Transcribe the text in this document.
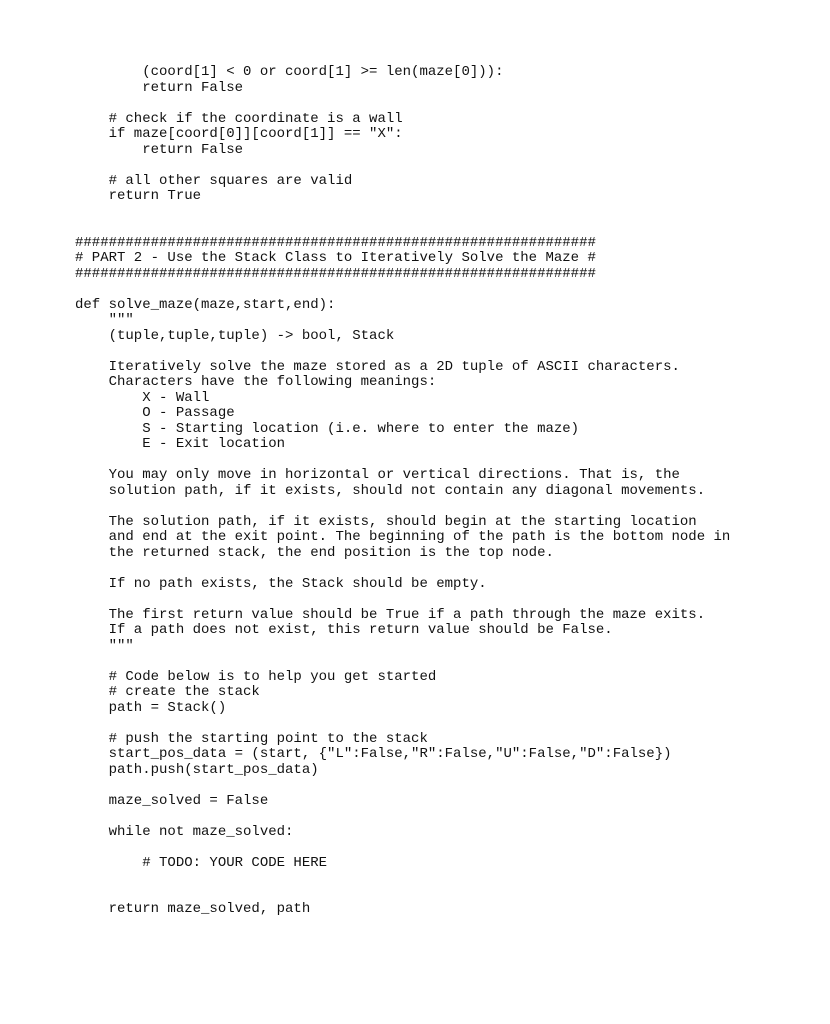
(coord[1] < 0 or coord[1] >= len(maze[0])):
return False
# check if the coordinate is a wall
if maze[coord[0]][coord[1]] == "X":
return False
# all other squares are valid
return True
##############################################################
# PART 2 - Use the Stack Class to Iteratively Solve the Maze #
##############################################################
def solve_maze(maze,start,end):
"""
(tuple,tuple,tuple) -> bool, Stack
Iteratively solve the maze stored as a 2D tuple of ASCII characters.
Characters have the following meanings:
X - Wall
O - Passage
S - Starting location (i.e. where to enter the maze)
E - Exit location
You may only move in horizontal or vertical directions. That is, the
solution path, if it exists, should not contain any diagonal movements.
The solution path, if it exists, should begin at the starting location
and end at the exit point. The beginning of the path is the bottom node in
the returned stack, the end position is the top node.
If no path exists, the Stack should be empty.
The first return value should be True if a path through the maze exits.
If a path does not exist, this return value should be False.
"""
# Code below is to help you get started
# create the stack
path = Stack()
# push the starting point to the stack
start_pos_data = (start, {"L":False,"R":False,"U":False,"D":False})
path.push(start_pos_data)
maze_solved = False
while not maze_solved:
# TODO: YOUR CODE HERE
return maze_solved, path
